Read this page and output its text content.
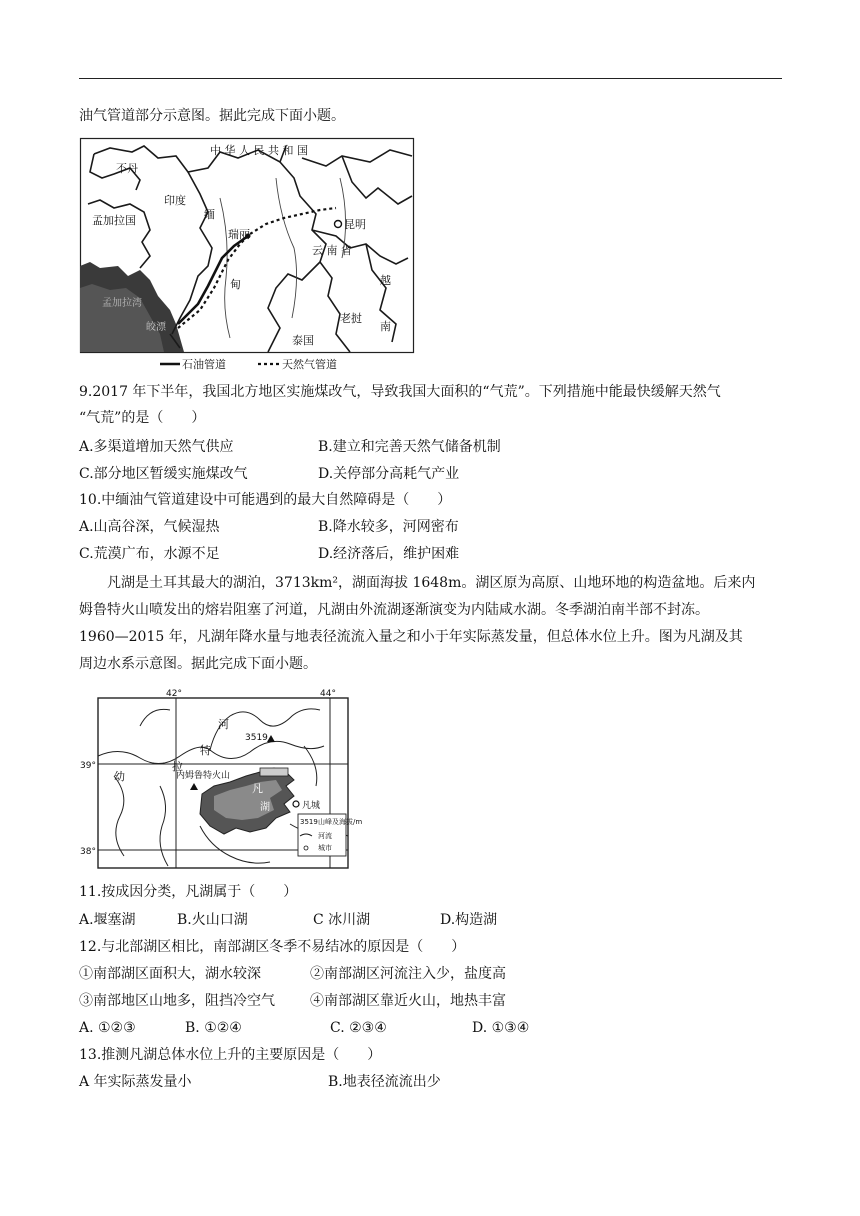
油气管道部分示意图。据此完成下面小题。
中 华 人 民 共 和 国
不丹
印度
孟加拉国	缅
甸
瑞丽
昆明
云 南 省
越
南
老挝
泰国
孟加拉湾
皎漂
石油管道	天然气管道
9.2017 年下半年，我国北方地区实施煤改气，导致我国大面积的“气荒”。下列措施中能最快缓解天然气
“气荒”的是（　　）
A.多渠道增加天然气供应	B.建立和完善天然气储备机制
C.部分地区暂缓实施煤改气	D.关停部分高耗气产业
10.中缅油气管道建设中可能遇到的最大自然障碍是（　　）
A.山高谷深，气候湿热	B.降水较多，河网密布
C.荒漠广布，水源不足	D.经济落后，维护困难
　　凡湖是土耳其最大的湖泊，3713km²，湖面海拔 1648m。湖区原为高原、山地环地的构造盆地。后来内
姆鲁特火山喷发出的熔岩阻塞了河道，凡湖由外流湖逐渐演变为内陆咸水湖。冬季湖泊南半部不封冻。
1960—2015 年，凡湖年降水量与地表径流流入量之和小于年实际蒸发量，但总体水位上升。图为凡湖及其
周边水系示意图。据此完成下面小题。
42°	44°
39°
38°
3519
河
特
拉
幼	内姆鲁特火山
凡
湖	凡城
3519 山峰及海拔/m
河流
城市
11.按成因分类，凡湖属于（　　）
A.堰塞湖	B.火山口湖	C 冰川湖	D.构造湖
12.与北部湖区相比，南部湖区冬季不易结冰的原因是（　　）
①南部湖区面积大，湖水较深	②南部湖区河流注入少，盐度高
③南部地区山地多，阻挡冷空气	④南部湖区靠近火山，地热丰富
A. ①②③	B. ①②④	C. ②③④	D. ①③④
13.推测凡湖总体水位上升的主要原因是（　　）
A 年实际蒸发量小	B.地表径流流出少
